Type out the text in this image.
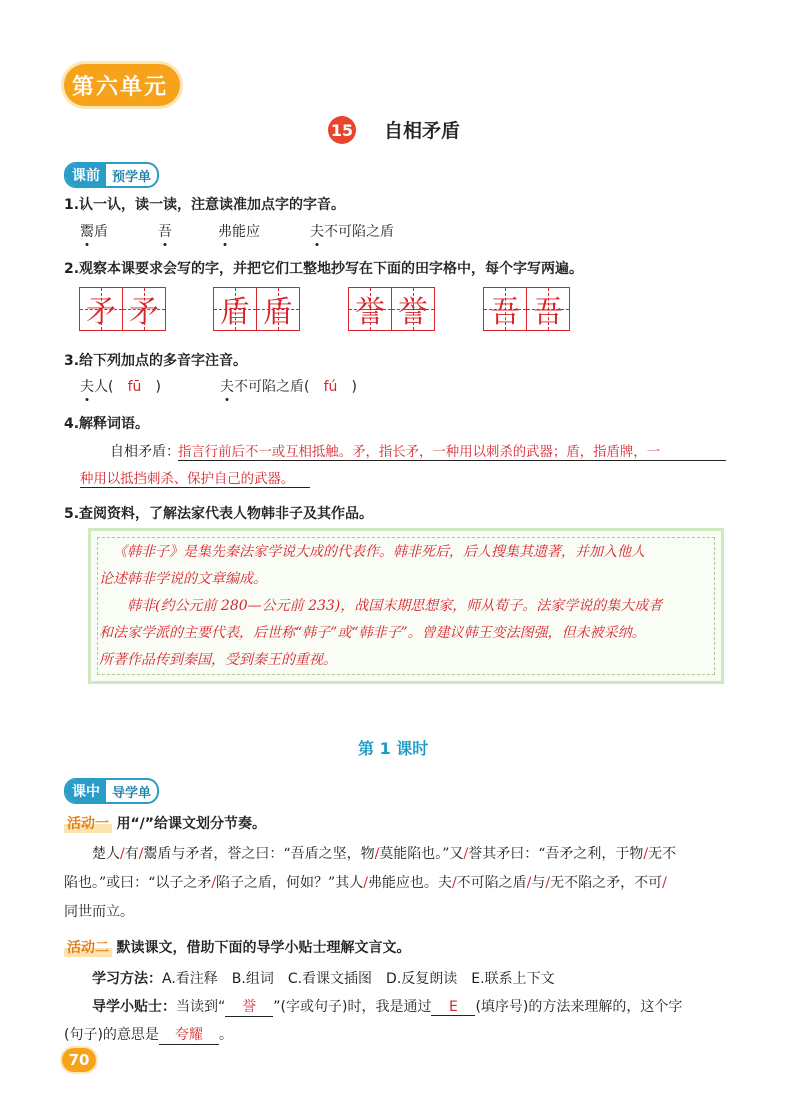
第 六 单 元
15 自相矛盾
课前 预学单
1.认一认，读一读，注意读准加点字的字音。
鬻盾	吾	弗能应	夫不可陷之盾
2.观察本课要求会写的字，并把它们工整地抄写在下面的田字格中，每个字写两遍。
矛 矛 盾 盾 誉 誉 吾 吾
3.给下列加点的多音字注音。
夫人( fū )	夫不可陷之盾( fú )
4.解释词语。
自相矛盾：
指言行前后不一或互相抵触。矛，指长矛，一种用以刺杀的武器；盾，指盾牌，一
种用以抵挡刺杀、保护自己的武器。
5.查阅资料，了解法家代表人物韩非子及其作品。
《韩非子》是集先秦法家学说大成的代表作。韩非死后，后人搜集其遗著，并加入他人
论述韩非学说的文章编成。
韩非(约公元前 280—公元前 233)，战国末期思想家，师从荀子。法家学说的集大成者
和法家学派的主要代表，后世称“韩子”或“韩非子”。曾建议韩王变法图强，但未被采纳。
所著作品传到秦国，受到秦王的重视。
第 1 课时
课中 导学单
活动一 用“/”给课文划分节奏。
楚人/有/鬻盾与矛者，誉之曰：“吾盾之坚，物/莫能陷也。”又/誉其矛曰：“吾矛之利，于物/无不
陷也。”或曰：“以子之矛/陷子之盾，何如？”其人/弗能应也。夫/不可陷之盾/与/无不陷之矛，不可/
同世而立。
活动二 默读课文，借助下面的导学小贴士理解文言文。
学习方法：A.看注释　B.组词　C.看课文插图　D.反复朗读　E.联系上下文
导学小贴士：当读到“ 誉 ”(字或句子)时，我是通过 E (填序号)的方法来理解的，这个字
(句子)的意思是 夸耀 。
70
